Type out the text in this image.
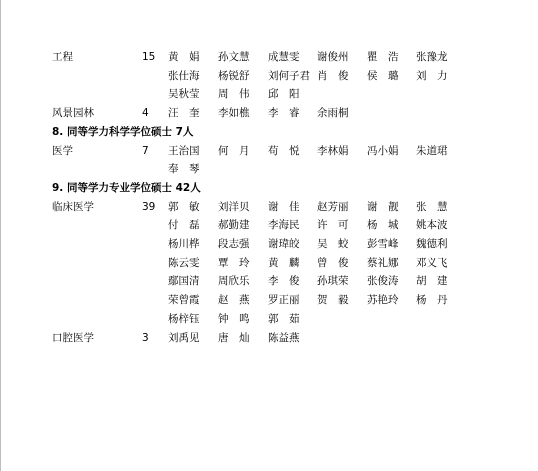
工程	15 黄　娟 孙文慧 成慧雯 谢俊州 瞿　浩 张豫龙
张仕海 杨锐舒 刘何子君 肖　俊 侯　璐 刘　力
吴秋莹 周　伟 邱　阳
风景园林	4 汪　奎 李如樵 李　睿 余雨桐
8. 同等学力科学学位硕士 7人
医学	7 王治国 何　月 苟　悦 李林娟 冯小娟 朱道珺
奉　琴
9. 同等学力专业学位硕士 42人
临床医学	39 郭　敏 刘洋贝 谢　佳 赵芳丽 谢　靓 张　慧
付　磊 郝勤建 李海民 许　可 杨　城 姚本波
杨川桦 段志强 谢瑋皎 吴　蛟 彭雪峰 魏德利
陈云雯 覃　玲 黄　麟 曾　俊 蔡礼娜 邓义飞
鄢国清 周欣乐 李　俊 孙琪荣 张俊涛 胡　建
荣曾霞 赵　燕 罗正丽 贺　毅 苏艳玲 杨　丹
杨梓钰 钟　鸣 郭　茹
口腔医学	3 刘禹见 唐　灿 陈益燕
